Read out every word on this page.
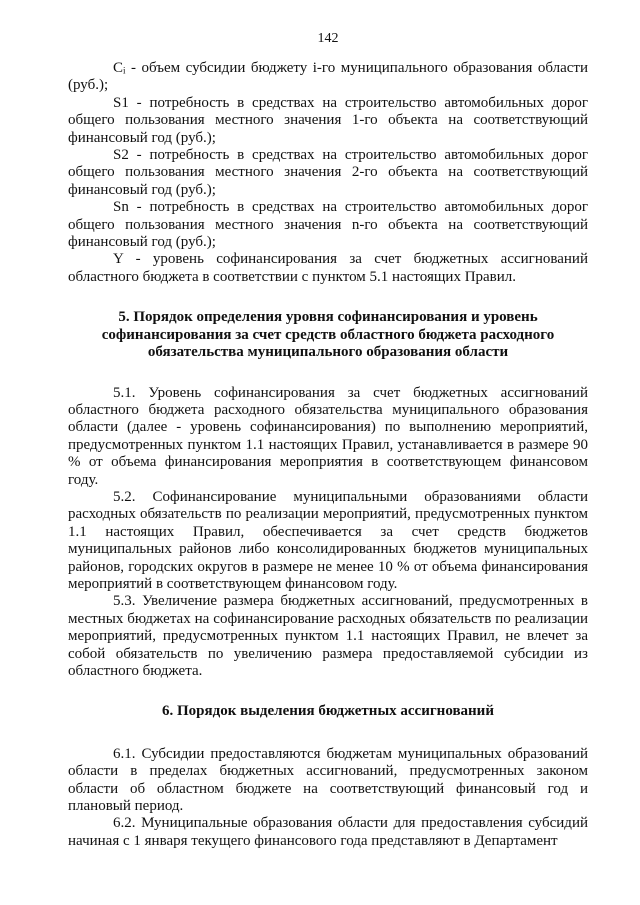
142

Cᵢ - объем субсидии бюджету i-го муниципального образования области (руб.);

S1 - потребность в средствах на строительство автомобильных дорог общего пользования местного значения 1-го объекта на соответствующий финансовый год (руб.);

S2 - потребность в средствах на строительство автомобильных дорог общего пользования местного значения 2-го объекта на соответствующий финансовый год (руб.);

Sn - потребность в средствах на строительство автомобильных дорог общего пользования местного значения n-го объекта на соответствующий финансовый год (руб.);

Y - уровень софинансирования за счет бюджетных ассигнований областного бюджета в соответствии с пунктом 5.1 настоящих Правил.

5. Порядок определения уровня софинансирования и уровень софинансирования за счет средств областного бюджета расходного обязательства муниципального образования области

5.1. Уровень софинансирования за счет бюджетных ассигнований областного бюджета расходного обязательства муниципального образования области (далее - уровень софинансирования) по выполнению мероприятий, предусмотренных пунктом 1.1 настоящих Правил, устанавливается в размере 90 % от объема финансирования мероприятия в соответствующем финансовом году.

5.2. Софинансирование муниципальными образованиями области расходных обязательств по реализации мероприятий, предусмотренных пунктом 1.1 настоящих Правил, обеспечивается за счет средств бюджетов муниципальных районов либо консолидированных бюджетов муниципальных районов, городских округов в размере не менее 10 % от объема финансирования мероприятий в соответствующем финансовом году.

5.3. Увеличение размера бюджетных ассигнований, предусмотренных в местных бюджетах на софинансирование расходных обязательств по реализации мероприятий, предусмотренных пунктом 1.1 настоящих Правил, не влечет за собой обязательств по увеличению размера предоставляемой субсидии из областного бюджета.

6. Порядок выделения бюджетных ассигнований

6.1. Субсидии предоставляются бюджетам муниципальных образований области в пределах бюджетных ассигнований, предусмотренных законом области об областном бюджете на соответствующий финансовый год и плановый период.

6.2. Муниципальные образования области для предоставления субсидий начиная с 1 января текущего финансового года представляют в Департамент
